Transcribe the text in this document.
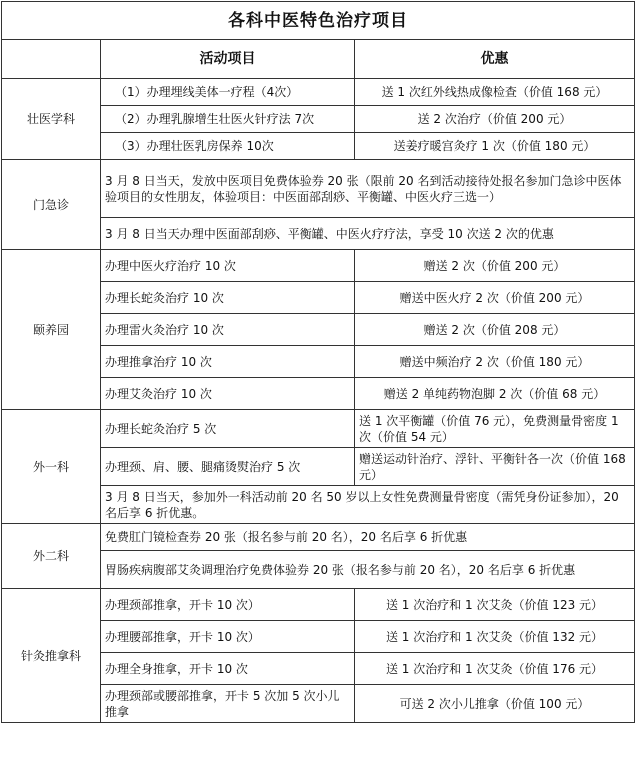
各科中医特色治疗项目		
	活动项目	优惠
壮医学科	（1）办理埋线美体一疗程（4次）	送 1 次红外线热成像检查（价值 168 元）
	（2）办理乳腺增生壮医火针疗法 7次	送 2 次治疗（价值 200 元）
	（3）办理壮医乳房保养 10次	送姜疗暖宫灸疗 1 次（价值 180 元）
门急诊	3 月 8 日当天，发放中医项目免费体验券 20 张（限前 20 名到活动接待处报名参加门急诊中医体验项目的女性朋友，体验项目：中医面部刮痧、平衡罐、中医火疗三选一）	
	3 月 8 日当天办理中医面部刮痧、平衡罐、中医火疗疗法，享受 10 次送 2 次的优惠	
颐养园	办理中医火疗治疗 10 次	赠送 2 次（价值 200 元）
	办理长蛇灸治疗 10 次	赠送中医火疗 2 次（价值 200 元）
	办理雷火灸治疗 10 次	赠送 2 次（价值 208 元）
	办理推拿治疗 10 次	赠送中频治疗 2 次（价值 180 元）
	办理艾灸治疗 10 次	赠送 2 单纯药物泡脚 2 次（价值 68 元）
外一科	办理长蛇灸治疗 5 次	送 1 次平衡罐（价值 76 元），免费测量骨密度 1 次（价值 54 元）
	办理颈、肩、腰、腿痛烫熨治疗 5 次	赠送运动针治疗、浮针、平衡针各一次（价值 168 元）
	3 月 8 日当天，参加外一科活动前 20 名 50 岁以上女性免费测量骨密度（需凭身份证参加），20 名后享 6 折优惠。	
外二科	免费肛门镜检查券 20 张（报名参与前 20 名），20 名后享 6 折优惠	
	胃肠疾病腹部艾灸调理治疗免费体验券 20 张（报名参与前 20 名），20 名后享 6 折优惠	
针灸推拿科	办理颈部推拿，开卡 10 次）	送 1 次治疗和 1 次艾灸（价值 123 元）
	办理腰部推拿，开卡 10 次）	送 1 次治疗和 1 次艾灸（价值 132 元）
	办理全身推拿，开卡 10 次	送 1 次治疗和 1 次艾灸（价值 176 元）
	办理颈部或腰部推拿，开卡 5 次加 5 次小儿推拿	可送 2 次小儿推拿（价值 100 元）
